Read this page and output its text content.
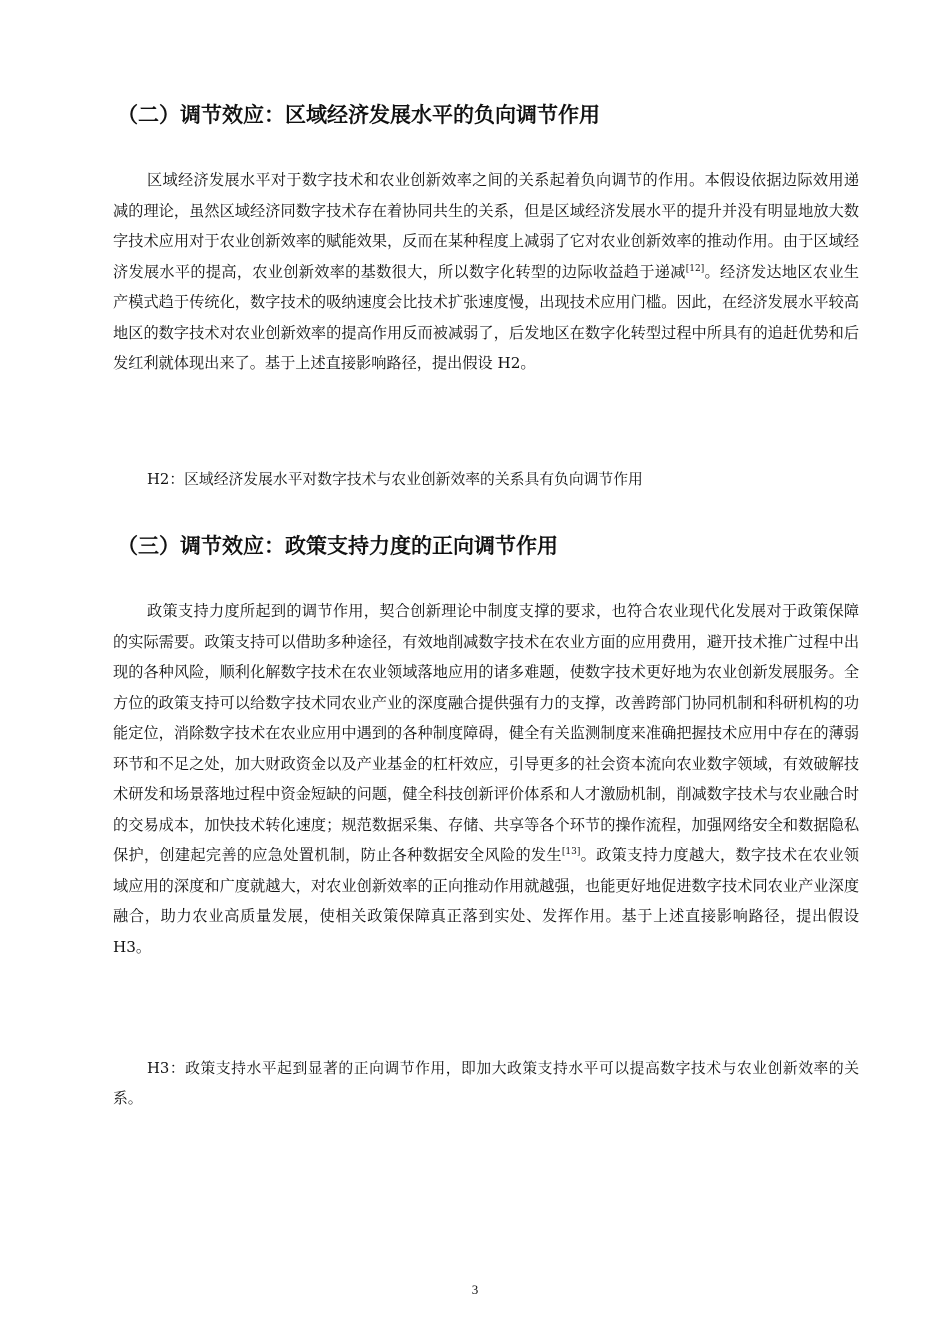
（二）调节效应：区域经济发展水平的负向调节作用

区域经济发展水平对于数字技术和农业创新效率之间的关系起着负向调节的作用。本假设依据边际效用递减的理论，虽然区域经济同数字技术存在着协同共生的关系，但是区域经济发展水平的提升并没有明显地放大数字技术应用对于农业创新效率的赋能效果，反而在某种程度上减弱了它对农业创新效率的推动作用。由于区域经济发展水平的提高，农业创新效率的基数很大，所以数字化转型的边际收益趋于递减[12]。经济发达地区农业生产模式趋于传统化，数字技术的吸纳速度会比技术扩张速度慢，出现技术应用门槛。因此，在经济发展水平较高地区的数字技术对农业创新效率的提高作用反而被减弱了，后发地区在数字化转型过程中所具有的追赶优势和后发红利就体现出来了。基于上述直接影响路径，提出假设 H2。

H2：区域经济发展水平对数字技术与农业创新效率的关系具有负向调节作用

（三）调节效应：政策支持力度的正向调节作用

政策支持力度所起到的调节作用，契合创新理论中制度支撑的要求，也符合农业现代化发展对于政策保障的实际需要。政策支持可以借助多种途径，有效地削减数字技术在农业方面的应用费用，避开技术推广过程中出现的各种风险，顺利化解数字技术在农业领域落地应用的诸多难题，使数字技术更好地为农业创新发展服务。全方位的政策支持可以给数字技术同农业产业的深度融合提供强有力的支撑，改善跨部门协同机制和科研机构的功能定位，消除数字技术在农业应用中遇到的各种制度障碍，健全有关监测制度来准确把握技术应用中存在的薄弱环节和不足之处，加大财政资金以及产业基金的杠杆效应，引导更多的社会资本流向农业数字领域，有效破解技术研发和场景落地过程中资金短缺的问题，健全科技创新评价体系和人才激励机制，削减数字技术与农业融合时的交易成本，加快技术转化速度；规范数据采集、存储、共享等各个环节的操作流程，加强网络安全和数据隐私保护，创建起完善的应急处置机制，防止各种数据安全风险的发生[13]。政策支持力度越大，数字技术在农业领域应用的深度和广度就越大，对农业创新效率的正向推动作用就越强，也能更好地促进数字技术同农业产业深度融合，助力农业高质量发展，使相关政策保障真正落到实处、发挥作用。基于上述直接影响路径，提出假设 H3。

H3：政策支持水平起到显著的正向调节作用，即加大政策支持水平可以提高数字技术与农业创新效率的关系。

3
